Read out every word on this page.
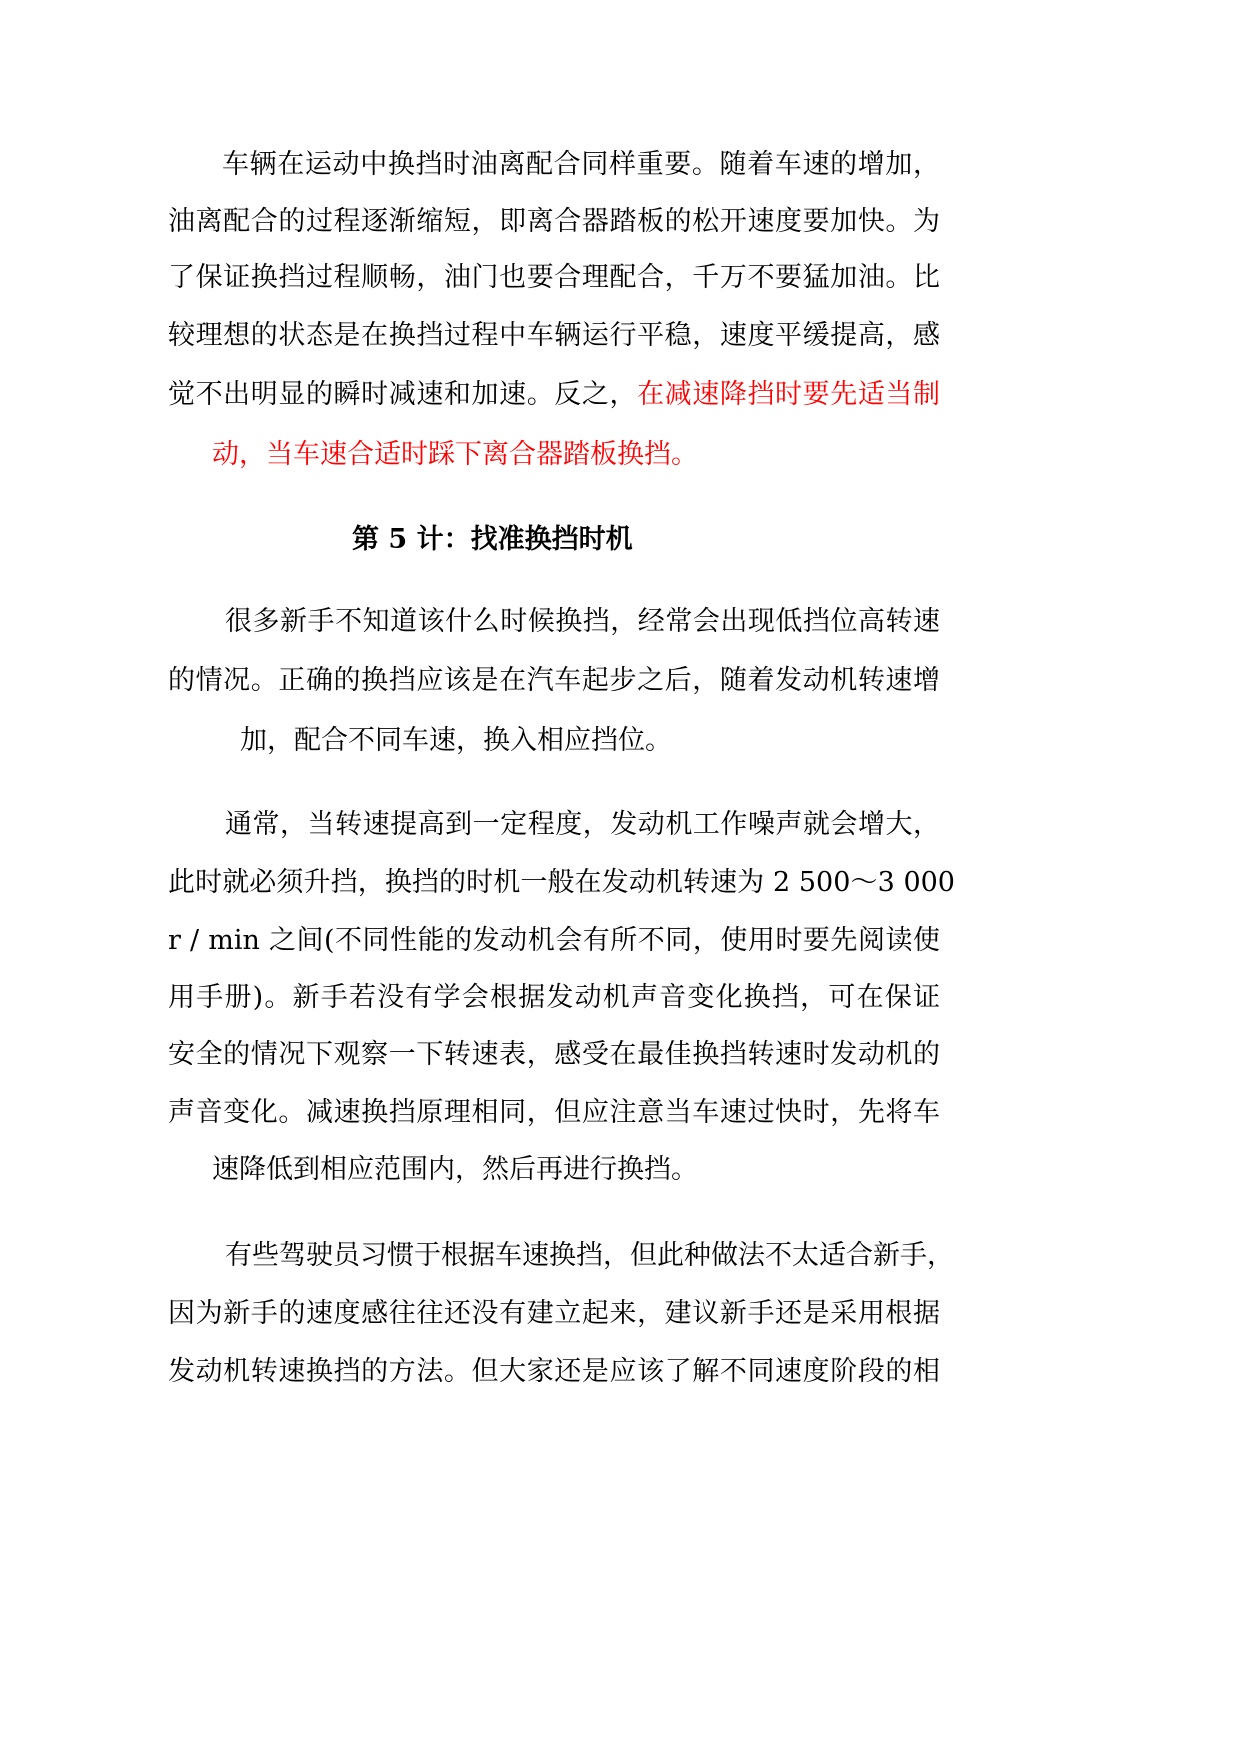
车辆在运动中换挡时油离配合同样重要。随着车速的增加，
油离配合的过程逐渐缩短，即离合器踏板的松开速度要加快。为
了保证换挡过程顺畅，油门也要合理配合，千万不要猛加油。比
较理想的状态是在换挡过程中车辆运行平稳，速度平缓提高，感
觉不出明显的瞬时减速和加速。反之，在减速降挡时要先适当制
动，当车速合适时踩下离合器踏板换挡。
第 5 计：找准换挡时机
很多新手不知道该什么时候换挡，经常会出现低挡位高转速
的情况。正确的换挡应该是在汽车起步之后，随着发动机转速增
加，配合不同车速，换入相应挡位。
通常，当转速提高到一定程度，发动机工作噪声就会增大，
此时就必须升挡，换挡的时机一般在发动机转速为 2 500～3 000
r / min 之间(不同性能的发动机会有所不同，使用时要先阅读使
用手册)。新手若没有学会根据发动机声音变化换挡，可在保证
安全的情况下观察一下转速表，感受在最佳换挡转速时发动机的
声音变化。减速换挡原理相同，但应注意当车速过快时，先将车
速降低到相应范围内，然后再进行换挡。
有些驾驶员习惯于根据车速换挡，但此种做法不太适合新手，
因为新手的速度感往往还没有建立起来，建议新手还是采用根据
发动机转速换挡的方法。但大家还是应该了解不同速度阶段的相
